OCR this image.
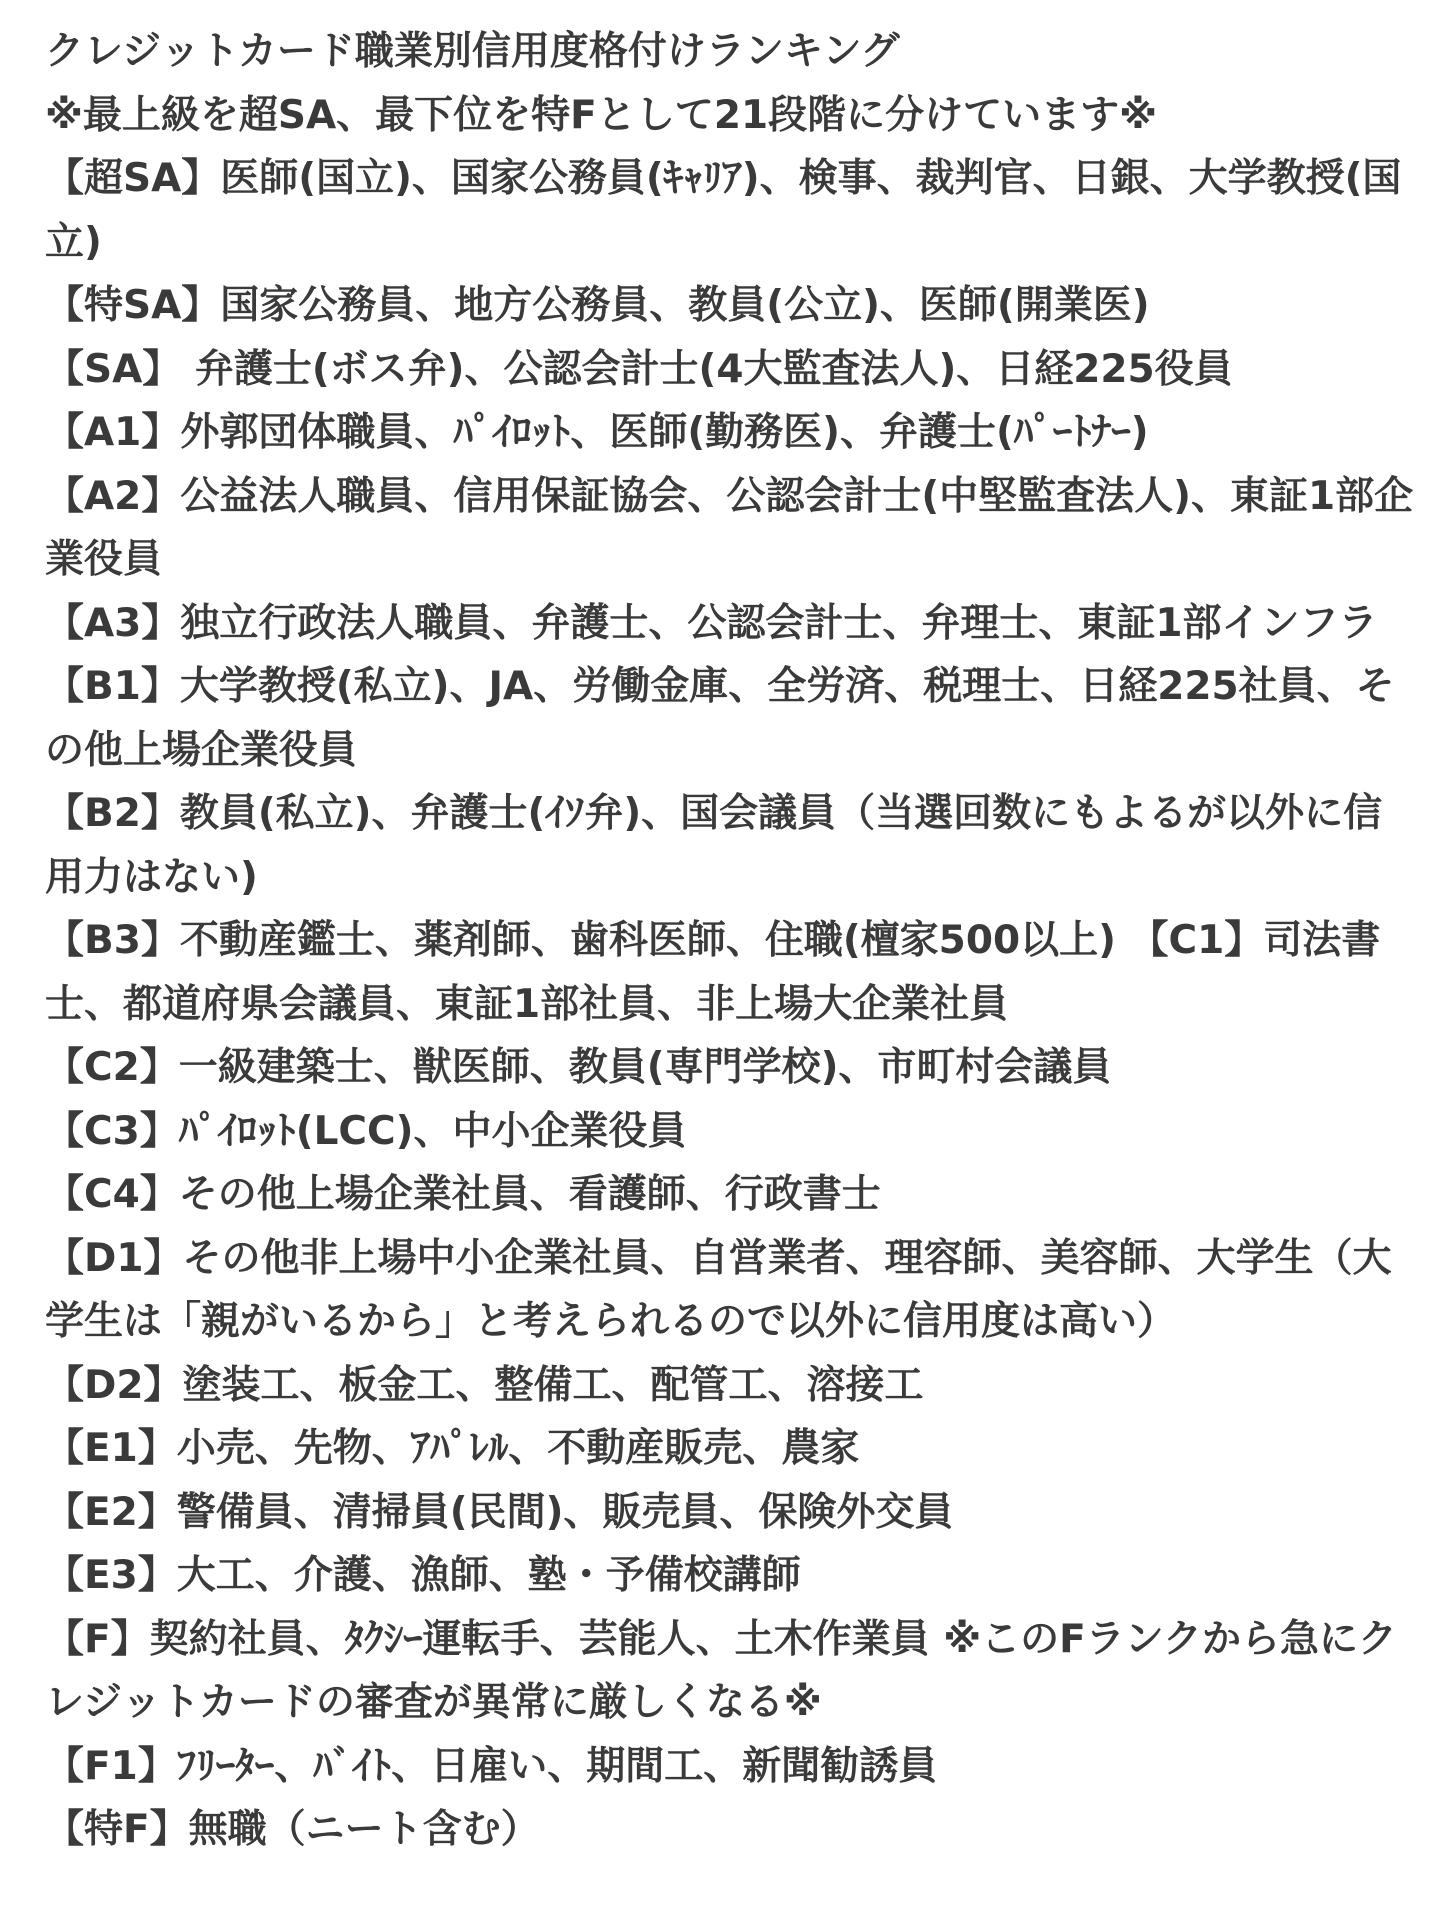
クレジットカード職業別信用度格付けランキング

※最上級を超SA、最下位を特Fとして21段階に分けています※

【超SA】医師(国立)、国家公務員(ｷｬﾘｱ)、検事、裁判官、日銀、大学教授(国立)

【特SA】国家公務員、地方公務員、教員(公立)、医師(開業医)

【SA】 弁護士(ボス弁)、公認会計士(4大監査法人)、日経225役員

【A1】外郭団体職員、ﾊﾟｲﾛｯﾄ、医師(勤務医)、弁護士(ﾊﾟｰﾄﾅｰ)

【A2】公益法人職員、信用保証協会、公認会計士(中堅監査法人)、東証1部企業役員

【A3】独立行政法人職員、弁護士、公認会計士、弁理士、東証1部インフラ

【B1】大学教授(私立)、JA、労働金庫、全労済、税理士、日経225社員、その他上場企業役員

【B2】教員(私立)、弁護士(ｲｿ弁)、国会議員（当選回数にもよるが以外に信用力はない)

【B3】不動産鑑士、薬剤師、歯科医師、住職(檀家500以上) 【C1】司法書士、都道府県会議員、東証1部社員、非上場大企業社員

【C2】一級建築士、獣医師、教員(専門学校)、市町村会議員

【C3】ﾊﾟｲﾛｯﾄ(LCC)、中小企業役員

【C4】その他上場企業社員、看護師、行政書士

【D1】その他非上場中小企業社員、自営業者、理容師、美容師、大学生（大学生は「親がいるから」と考えられるので以外に信用度は高い）

【D2】塗装工、板金工、整備工、配管工、溶接工

【E1】小売、先物、ｱﾊﾟﾚﾙ、不動産販売、農家

【E2】警備員、清掃員(民間)、販売員、保険外交員

【E3】大工、介護、漁師、塾・予備校講師

【F】契約社員、ﾀｸｼｰ運転手、芸能人、土木作業員 ※このFランクから急にクレジットカードの審査が異常に厳しくなる※

【F1】ﾌﾘｰﾀｰ、ﾊﾞｲﾄ、日雇い、期間工、新聞勧誘員

【特F】無職（ニート含む）
